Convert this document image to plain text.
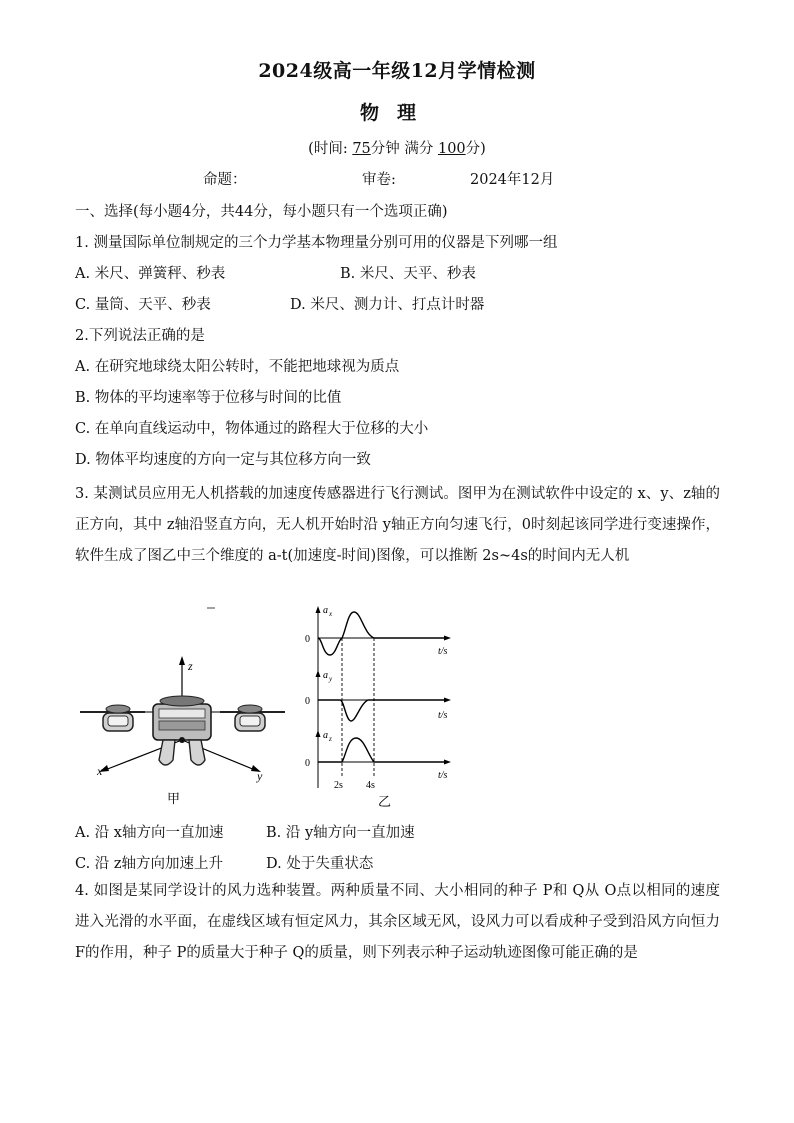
2024级高一年级12月学情检测
物理
(时间: 75分钟 满分 100分)
命题：	审卷:	2024年12月
一、选择(每小题4分，共44分，每小题只有一个选项正确)
1. 测量国际单位制规定的三个力学基本物理量分别可用的仪器是下列哪一组
A. 米尺、弹簧秤、秒表	B. 米尺、天平、秒表
C. 量筒、天平、秒表	D. 米尺、测力计、打点计时器
2.下列说法正确的是
A. 在研究地球绕太阳公转时，不能把地球视为质点
B. 物体的平均速率等于位移与时间的比值
C. 在单向直线运动中，物体通过的路程大于位移的大小
D. 物体平均速度的方向一定与其位移方向一致
3. 某测试员应用无人机搭载的加速度传感器进行飞行测试。图甲为在测试软件中设定的 x、y、z轴的正方向，其中 z轴沿竖直方向，无人机开始时沿 y轴正方向匀速飞行，0时刻起该同学进行变速操作，软件生成了图乙中三个维度的 a-t(加速度-时间)图像，可以推断 2s~4s的时间内无人机
z
x	y
甲
a x
0
t/s
a y
0
t/s
a z
0
t/s
2s 4s
乙
A. 沿 x轴方向一直加速	B. 沿 y轴方向一直加速
C. 沿 z轴方向加速上升	D. 处于失重状态
4. 如图是某同学设计的风力选种装置。两种质量不同、大小相同的种子 P和 Q从 O点以相同的速度进入光滑的水平面，在虚线区域有恒定风力，其余区域无风，设风力可以看成种子受到沿风方向恒力 F的作用，种子 P的质量大于种子 Q的质量，则下列表示种子运动轨迹图像可能正确的是
